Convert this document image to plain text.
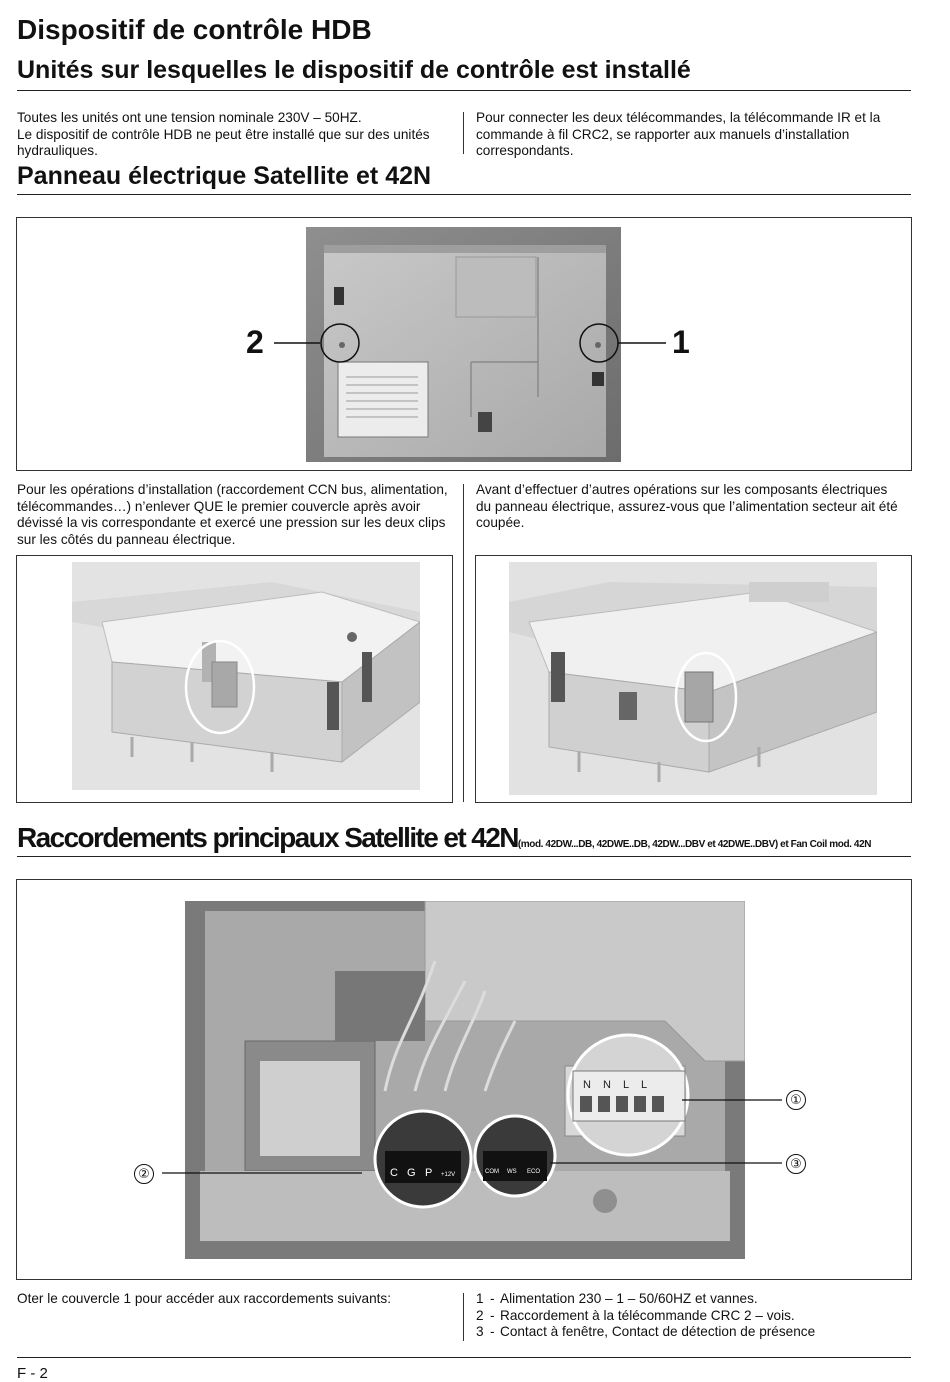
Dispositif de contrôle HDB
Unités sur lesquelles le dispositif de contrôle est installé

Toutes les unités ont une tension nominale 230V – 50HZ.

Le dispositif de contrôle HDB ne peut être installé que sur des unités hydrauliques.

Pour connecter les deux télécommandes, la télécommande IR et la commande à fil CRC2, se rapporter aux manuels d’installation correspondants.
Panneau électrique Satellite et 42N
2	1
Pour les opérations d’installation (raccordement CCN bus, alimentation, télécommandes…) n’enlever QUE le premier couvercle après avoir dévissé la vis correspondante et exercé une pression sur les deux clips sur les côtés du panneau électrique.
Avant d’effectuer d’autres opérations sur les composants électriques du panneau électrique, assurez-vous que l’alimentation secteur ait été coupée.
Raccordements principaux Satellite et 42N(mod. 42DW...DB, 42DWE..DB, 42DW...DBV et 42DWE..DBV) et Fan Coil mod. 42N
C G P +12V	COM WS ECO
N N L L
①
②
③
Oter le couvercle 1 pour accéder aux raccordements suivants:	1 - Alimentation 230 – 1 – 50/60HZ et vannes.
2 - Raccordement à la télécommande CRC 2 – vois.
3 - Contact à fenêtre, Contact de détection de présence
F - 2
